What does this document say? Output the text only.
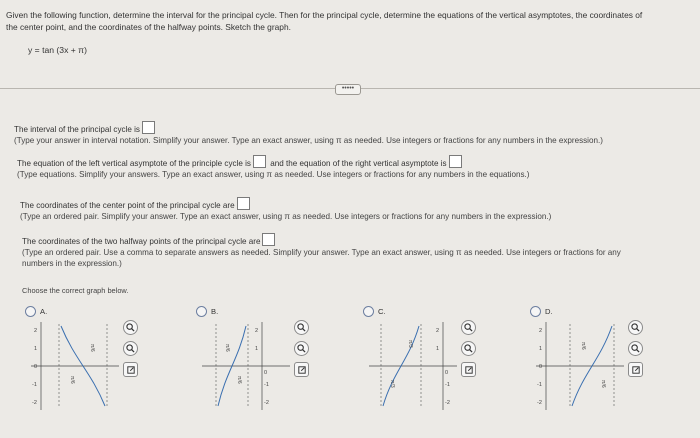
Given the following function, determine the interval for the principal cycle. Then for the principal cycle, determine the equations of the vertical asymptotes, the coordinates of
the center point, and the coordinates of the halfway points. Sketch the graph.
y = tan (3x + π)
•••••
The interval of the principal cycle is
(Type your answer in interval notation. Simplify your answer. Type an exact answer, using π as needed. Use integers or fractions for any numbers in the expression.)
The equation of the left vertical asymptote of the principle cycle is and the equation of the right vertical asymptote is
(Type equations. Simplify your answers. Type an exact answer, using π as needed. Use integers or fractions for any numbers in the equations.)
The coordinates of the center point of the principal cycle are
(Type an ordered pair. Simplify your answer. Type an exact answer, using π as needed. Use integers or fractions for any numbers in the expression.)
The coordinates of the two halfway points of the principal cycle are
(Type an ordered pair. Use a comma to separate answers as needed. Simplify your answer. Type an exact answer, using π as needed. Use integers or fractions for any
numbers in the expression.)
Choose the correct graph below.
A.
2
1
0
-1
-2
π/6
π/6
B.
2
1
0
-1
-2
π/6
π/6
C.
2
1
0
-1
-2
π/3
π/3
D.
2
1
0
-1
-2
π/6
π/6
